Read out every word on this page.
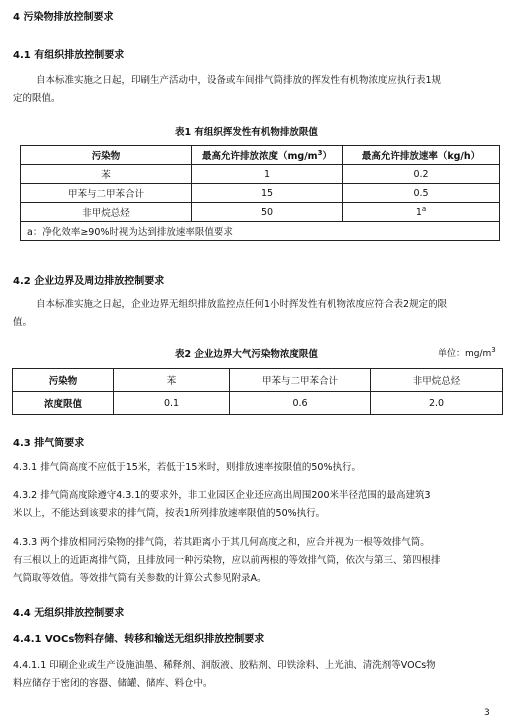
4 污染物排放控制要求
4.1 有组织排放控制要求
自本标准实施之日起，印刷生产活动中，设备或车间排气筒排放的挥发性有机物浓度应执行表1规
定的限值。
表1 有组织挥发性有机物排放限值
污染物	最高允许排放浓度$(mg/m^3)$	最高允许排放速率（kg/h）
苯	1	0.2
甲苯与二甲苯合计	15	0.5
非甲烷总烃	50	1$^a$
a：净化效率≥90%时视为达到排放速率限值要求		
4.2 企业边界及周边排放控制要求
自本标准实施之日起，企业边界无组织排放监控点任何1小时挥发性有机物浓度应符合表2规定的限
值。
表2 企业边界大气污染物浓度限值	单位：$mg/m^3$
污染物	苯	甲苯与二甲苯合计	非甲烷总烃
浓度限值	0.1	0.6	2.0
4.3 排气筒要求
4.3.1 排气筒高度不应低于15米，若低于15米时，则排放速率按限值的50%执行。
4.3.2 排气筒高度除遵守4.3.1的要求外，非工业园区企业还应高出周围200米半径范围的最高建筑3
米以上，不能达到该要求的排气筒，按表1所列排放速率限值的50%执行。
4.3.3 两个排放相同污染物的排气筒，若其距离小于其几何高度之和，应合并视为一根等效排气筒。
有三根以上的近距离排气筒，且排放同一种污染物，应以前两根的等效排气筒，依次与第三、第四根排
气筒取等效值。等效排气筒有关参数的计算公式参见附录A。
4.4 无组织排放控制要求
4.4.1 VOCs物料存储、转移和输送无组织排放控制要求
4.4.1.1 印刷企业或生产设施油墨、稀释剂、润版液、胶粘剂、印铁涂料、上光油、清洗剂等VOCs物
料应储存于密闭的容器、储罐、储库、料仓中。
3
